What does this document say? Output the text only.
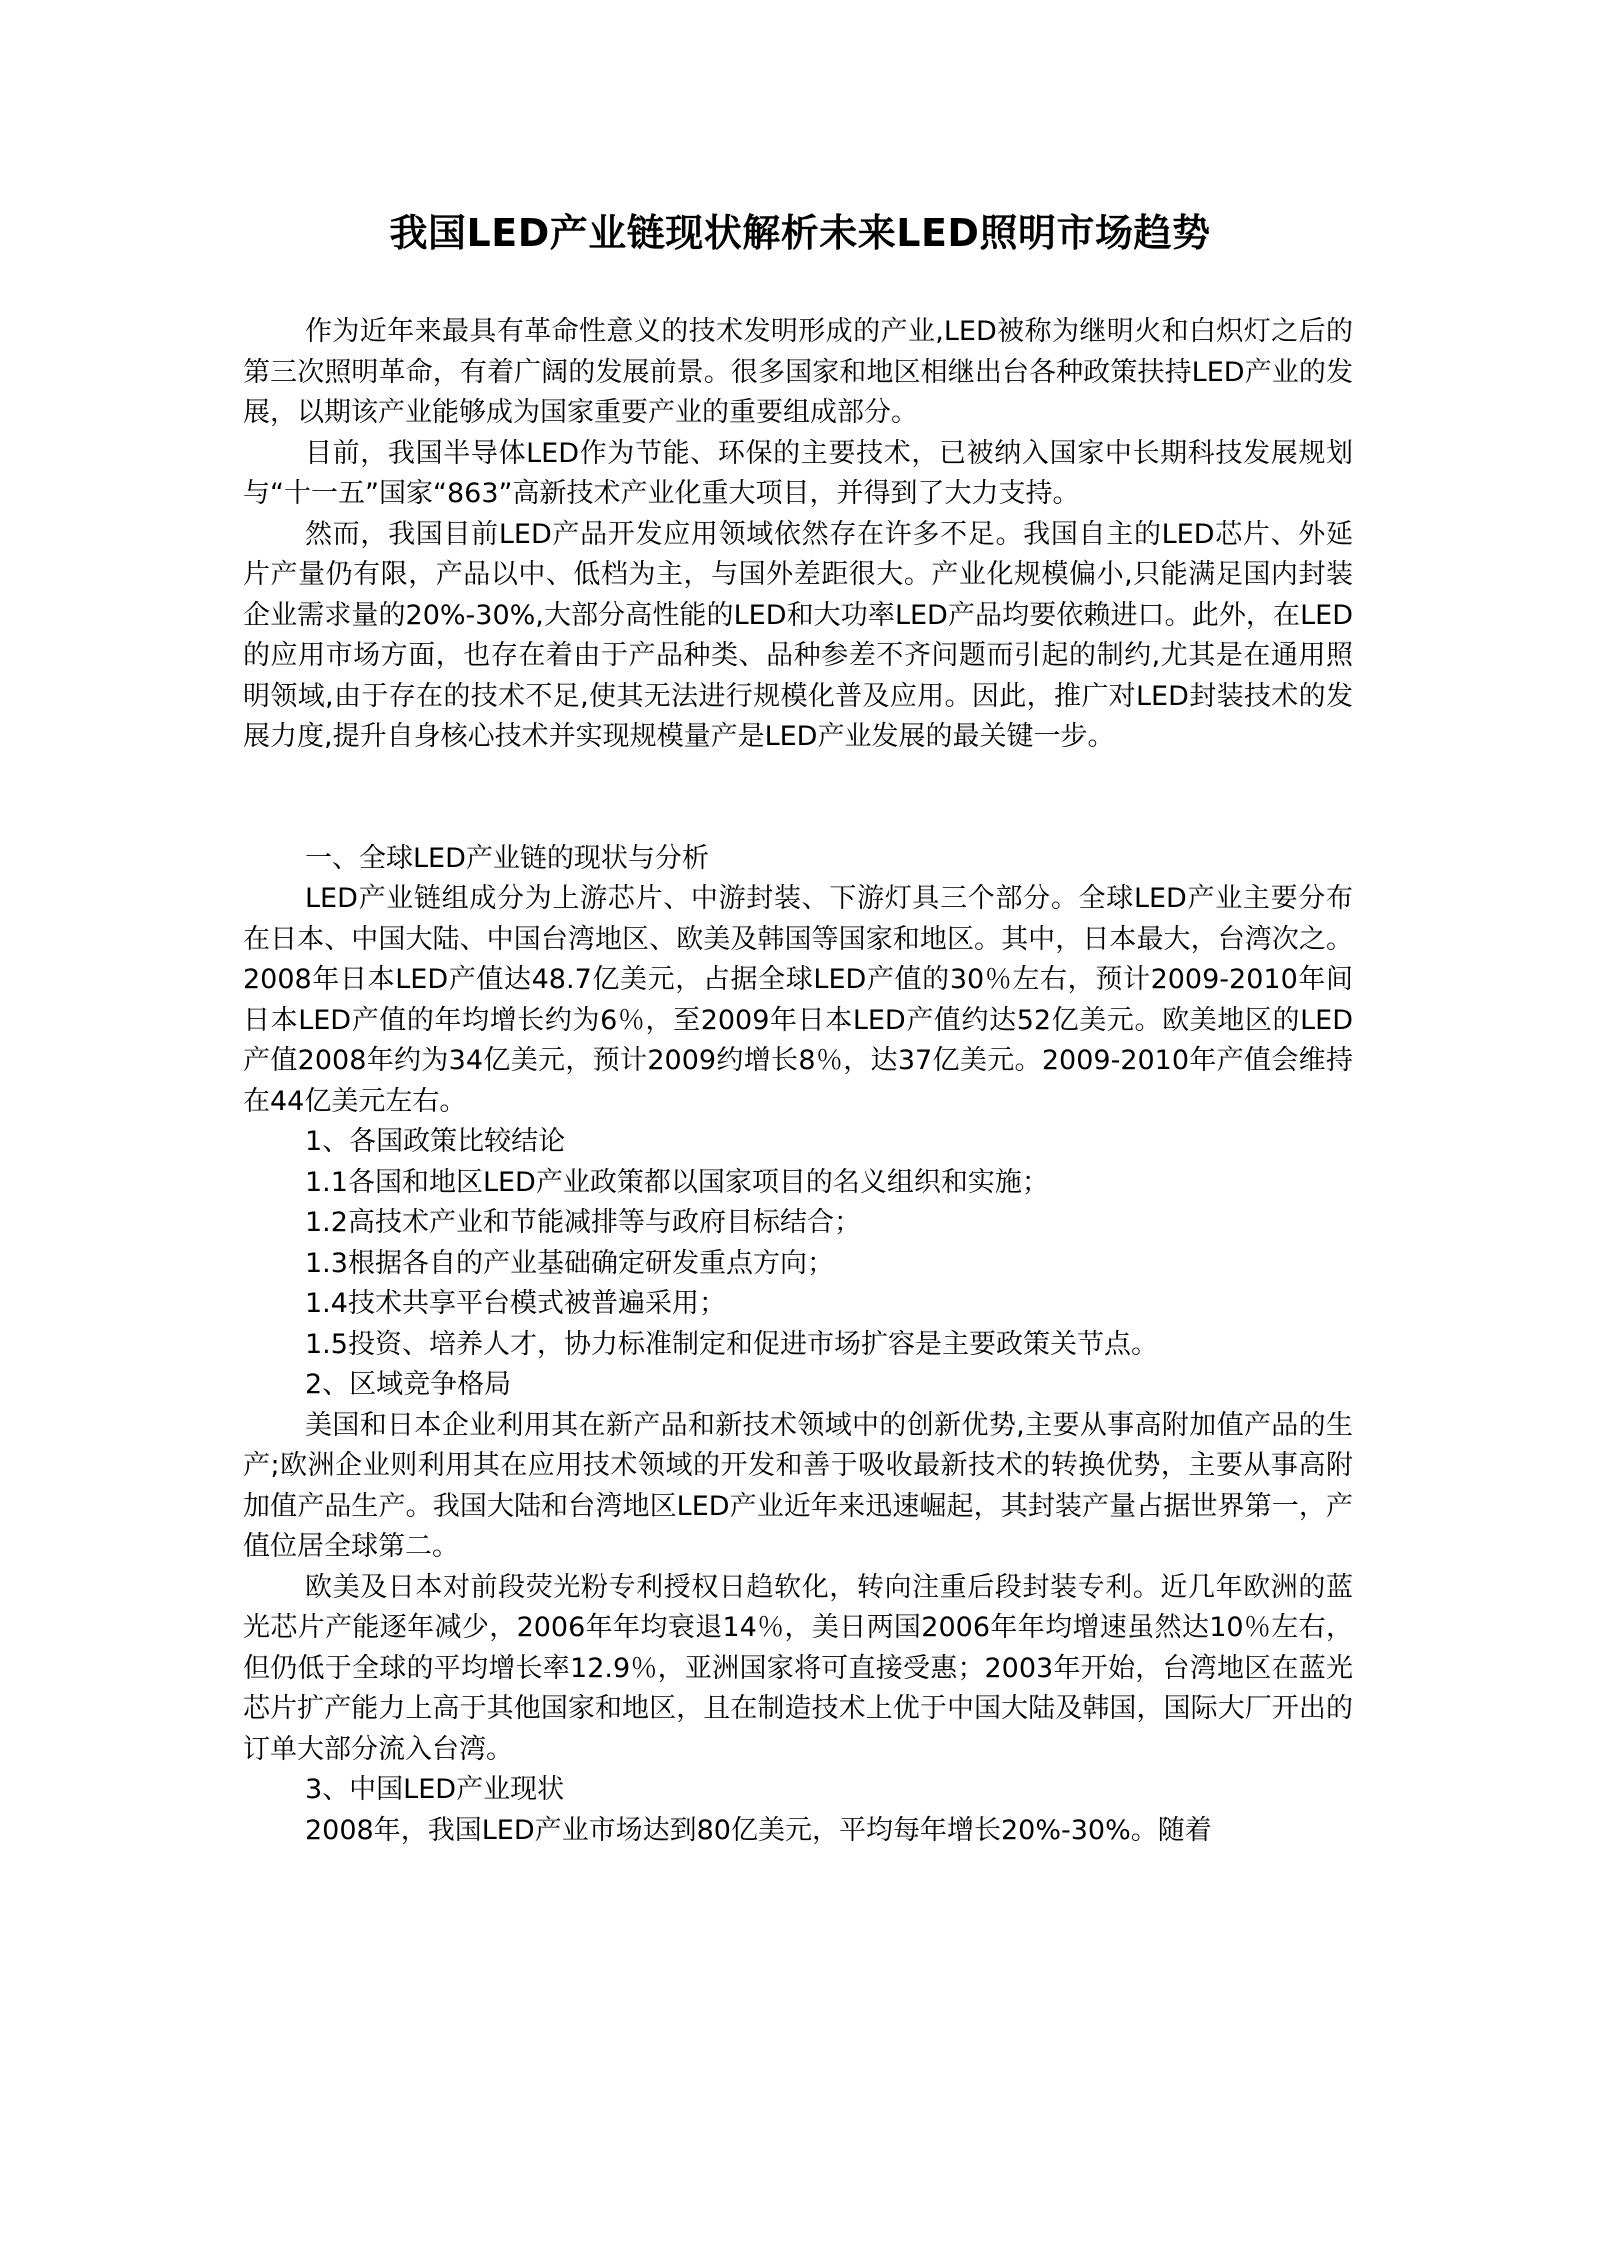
我国LED产业链现状解析未来LED照明市场趋势

作为近年来最具有革命性意义的技术发明形成的产业,LED被称为继明火和白炽灯之后的第三次照明革命，有着广阔的发展前景。很多国家和地区相继出台各种政策扶持LED产业的发展，以期该产业能够成为国家重要产业的重要组成部分。

目前，我国半导体LED作为节能、环保的主要技术，已被纳入国家中长期科技发展规划与“十一五”国家“863”高新技术产业化重大项目，并得到了大力支持。

然而，我国目前LED产品开发应用领域依然存在许多不足。我国自主的LED芯片、外延片产量仍有限，产品以中、低档为主，与国外差距很大。产业化规模偏小,只能满足国内封装企业需求量的20%-30%,大部分高性能的LED和大功率LED产品均要依赖进口。此外，在LED的应用市场方面，也存在着由于产品种类、品种参差不齐问题而引起的制约,尤其是在通用照明领域,由于存在的技术不足,使其无法进行规模化普及应用。因此，推广对LED封装技术的发展力度,提升自身核心技术并实现规模量产是LED产业发展的最关键一步。

一、全球LED产业链的现状与分析

LED产业链组成分为上游芯片、中游封装、下游灯具三个部分。全球LED产业主要分布在日本、中国大陆、中国台湾地区、欧美及韩国等国家和地区。其中，日本最大，台湾次之。2008年日本LED产值达48.7亿美元，占据全球LED产值的30％左右，预计2009-2010年间日本LED产值的年均增长约为6％，至2009年日本LED产值约达52亿美元。欧美地区的LED产值2008年约为34亿美元，预计2009约增长8％，达37亿美元。2009-2010年产值会维持在44亿美元左右。

1、各国政策比较结论

1.1各国和地区LED产业政策都以国家项目的名义组织和实施；

1.2高技术产业和节能减排等与政府目标结合；

1.3根据各自的产业基础确定研发重点方向；

1.4技术共享平台模式被普遍采用；

1.5投资、培养人才，协力标准制定和促进市场扩容是主要政策关节点。

2、区域竞争格局

美国和日本企业利用其在新产品和新技术领域中的创新优势,主要从事高附加值产品的生产;欧洲企业则利用其在应用技术领域的开发和善于吸收最新技术的转换优势，主要从事高附加值产品生产。我国大陆和台湾地区LED产业近年来迅速崛起，其封装产量占据世界第一，产值位居全球第二。

欧美及日本对前段荧光粉专利授权日趋软化，转向注重后段封装专利。近几年欧洲的蓝光芯片产能逐年减少，2006年年均衰退14％，美日两国2006年年均增速虽然达10％左右，但仍低于全球的平均增长率12.9％，亚洲国家将可直接受惠；2003年开始，台湾地区在蓝光芯片扩产能力上高于其他国家和地区，且在制造技术上优于中国大陆及韩国，国际大厂开出的订单大部分流入台湾。

3、中国LED产业现状

2008年，我国LED产业市场达到80亿美元，平均每年增长20%-30%。随着
